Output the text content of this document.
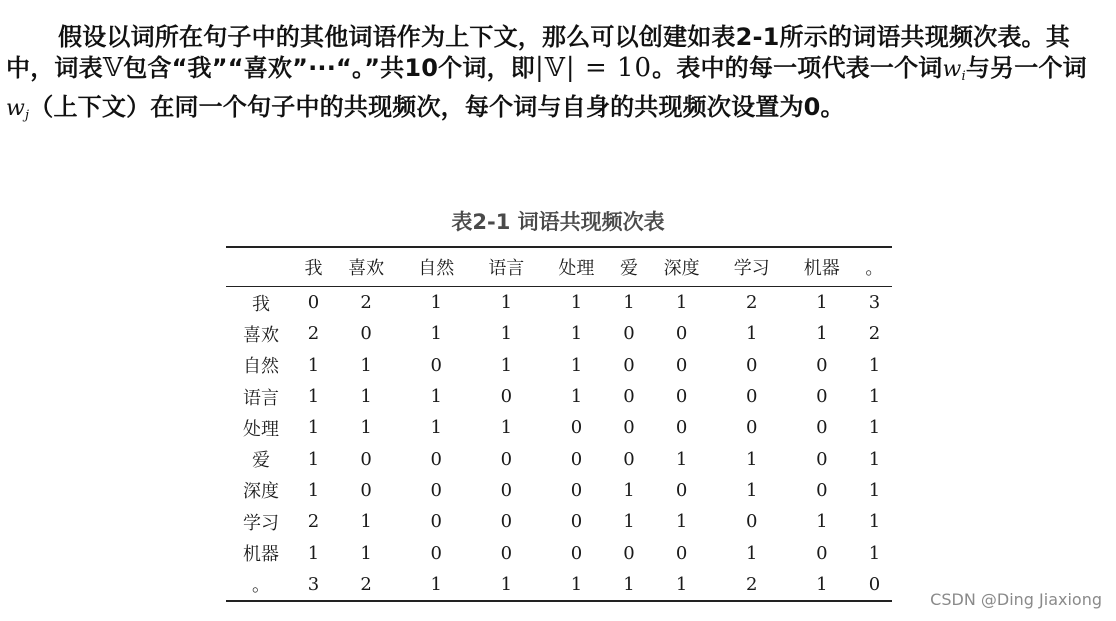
假设以词所在句子中的其他词语作为上下文，那么可以创建如表2-1所示的词语共现频次表。其中，词表𝕍包含“我”“喜欢”···“。”共10个词，即|𝕍| = 10。表中的每一项代表一个词$w_i$与另一个词$w_j$（上下文）在同一个句子中的共现频次，每个词与自身的共现频次设置为0。

表2-1 词语共现频次表
	我	喜欢	自然	语言	处理	爱	深度	学习	机器	。
我	0	2	1	1	1	1	1	2	1	3
喜欢	2	0	1	1	1	0	0	1	1	2
自然	1	1	0	1	1	0	0	0	0	1
语言	1	1	1	0	1	0	0	0	0	1
处理	1	1	1	1	0	0	0	0	0	1
爱	1	0	0	0	0	0	1	1	0	1
深度	1	0	0	0	0	1	0	1	0	1
学习	2	1	0	0	0	1	1	0	1	1
机器	1	1	0	0	0	0	0	1	0	1
。	3	2	1	1	1	1	1	2	1	0
CSDN @Ding Jiaxiong
